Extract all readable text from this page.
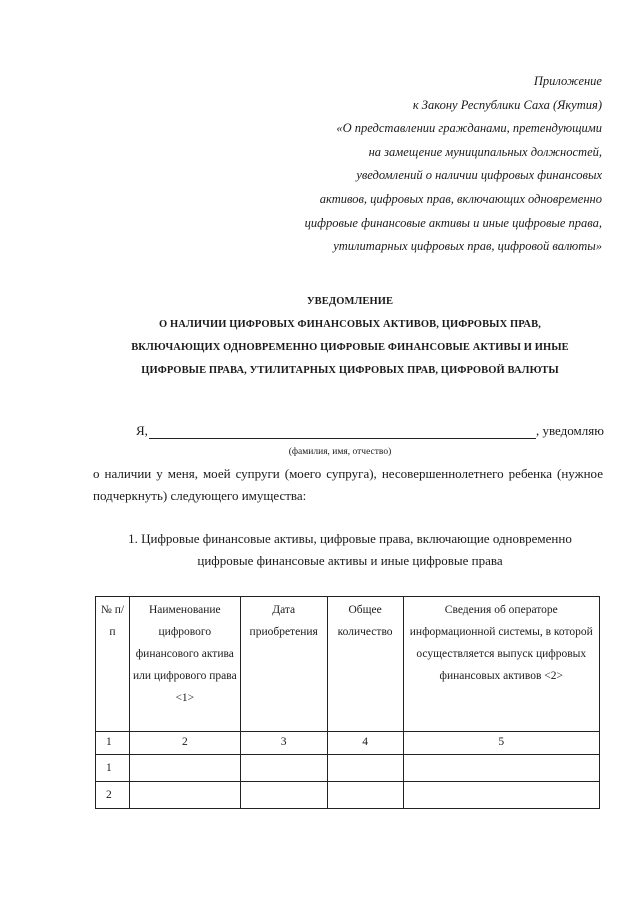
Приложение
к Закону Республики Саха (Якутия)
«О представлении гражданами, претендующими
на замещение муниципальных должностей,
уведомлений о наличии цифровых финансовых
активов, цифровых прав, включающих одновременно
цифровые финансовые активы и иные цифровые права,
утилитарных цифровых прав, цифровой валюты»
УВЕДОМЛЕНИЕ
О НАЛИЧИИ ЦИФРОВЫХ ФИНАНСОВЫХ АКТИВОВ, ЦИФРОВЫХ ПРАВ,
ВКЛЮЧАЮЩИХ ОДНОВРЕМЕННО ЦИФРОВЫЕ ФИНАНСОВЫЕ АКТИВЫ И ИНЫЕ
ЦИФРОВЫЕ ПРАВА, УТИЛИТАРНЫХ ЦИФРОВЫХ ПРАВ, ЦИФРОВОЙ ВАЛЮТЫ
Я,	, уведомляю
(фамилия, имя, отчество)
о наличии у меня, моей супруги (моего супруга), несовершеннолетнего ребенка (нужное подчеркнуть) следующего имущества:
1. Цифровые финансовые активы, цифровые права, включающие одновременно
цифровые финансовые активы и иные цифровые права
№ п/п	Наименование цифрового финансового актива или цифрового права <1>	Дата приобретения	Общее количество	Сведения об операторе информационной системы, в которой осуществляется выпуск цифровых финансовых активов <2>
1	2	3	4	5
1				
2				
